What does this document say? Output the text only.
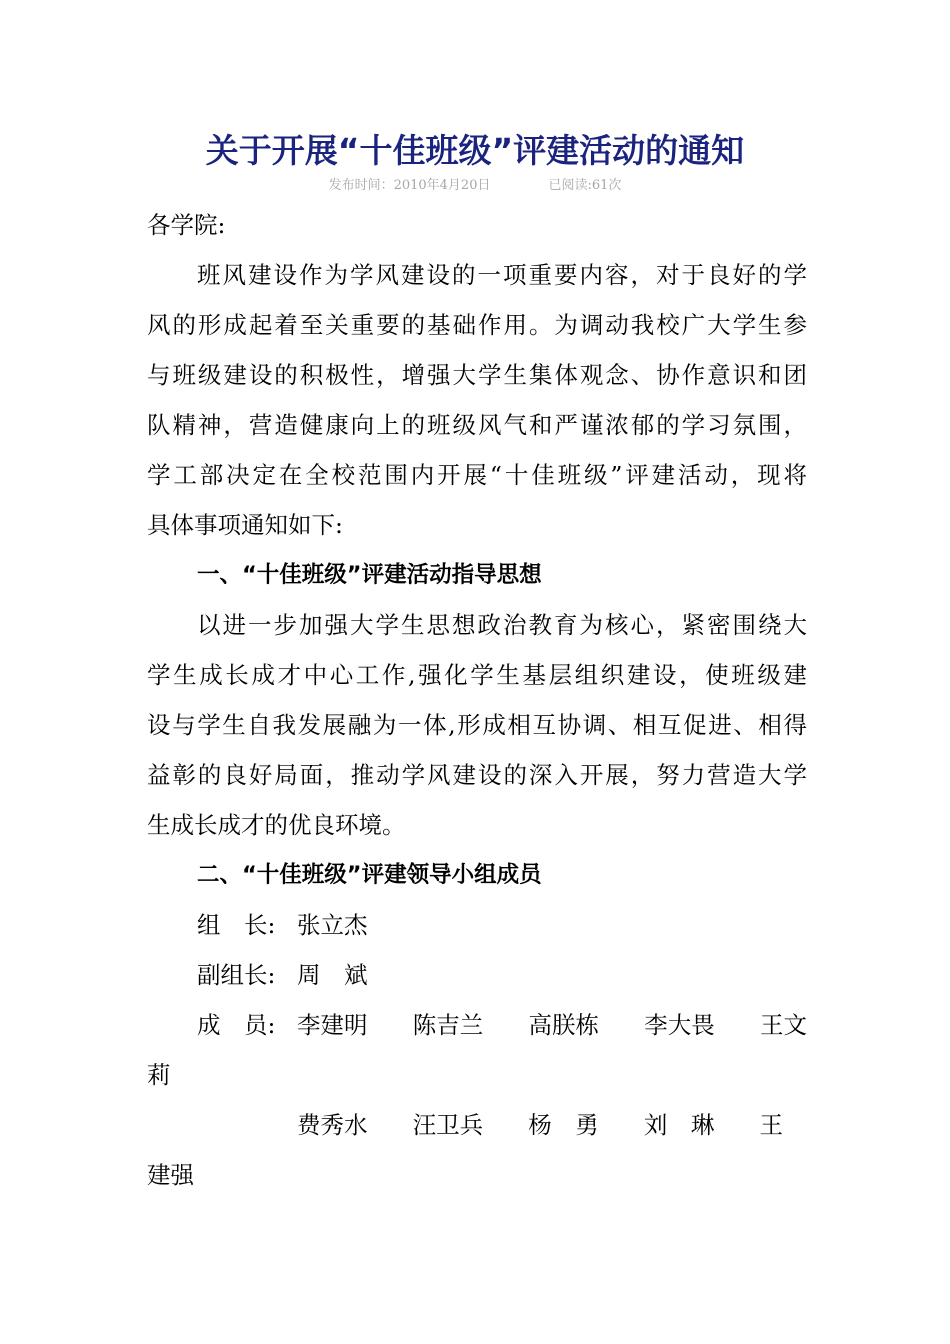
关于开展“十佳班级”评建活动的通知
发布时间：2010年4月20日	已阅读:61次
各学院:
班风建设作为学风建设的一项重要内容，对于良好的学
风的形成起着至关重要的基础作用。为调动我校广大学生参
与班级建设的积极性，增强大学生集体观念、协作意识和团
队精神，营造健康向上的班级风气和严谨浓郁的学习氛围，
学工部决定在全校范围内开展“十佳班级”评建活动，现将
具体事项通知如下:
一、“十佳班级”评建活动指导思想
以进一步加强大学生思想政治教育为核心，紧密围绕大
学生成长成才中心工作,强化学生基层组织建设，使班级建
设与学生自我发展融为一体,形成相互协调、相互促进、相得
益彰的良好局面，推动学风建设的深入开展，努力营造大学
生成长成才的优良环境。
二、“十佳班级”评建领导小组成员
组　长: 张立杰
副组长: 周　斌
成　员: 李建明 陈吉兰 高朕栋 李大畏 王文
莉
费秀水 汪卫兵 杨　勇 刘　琳 王
建强
